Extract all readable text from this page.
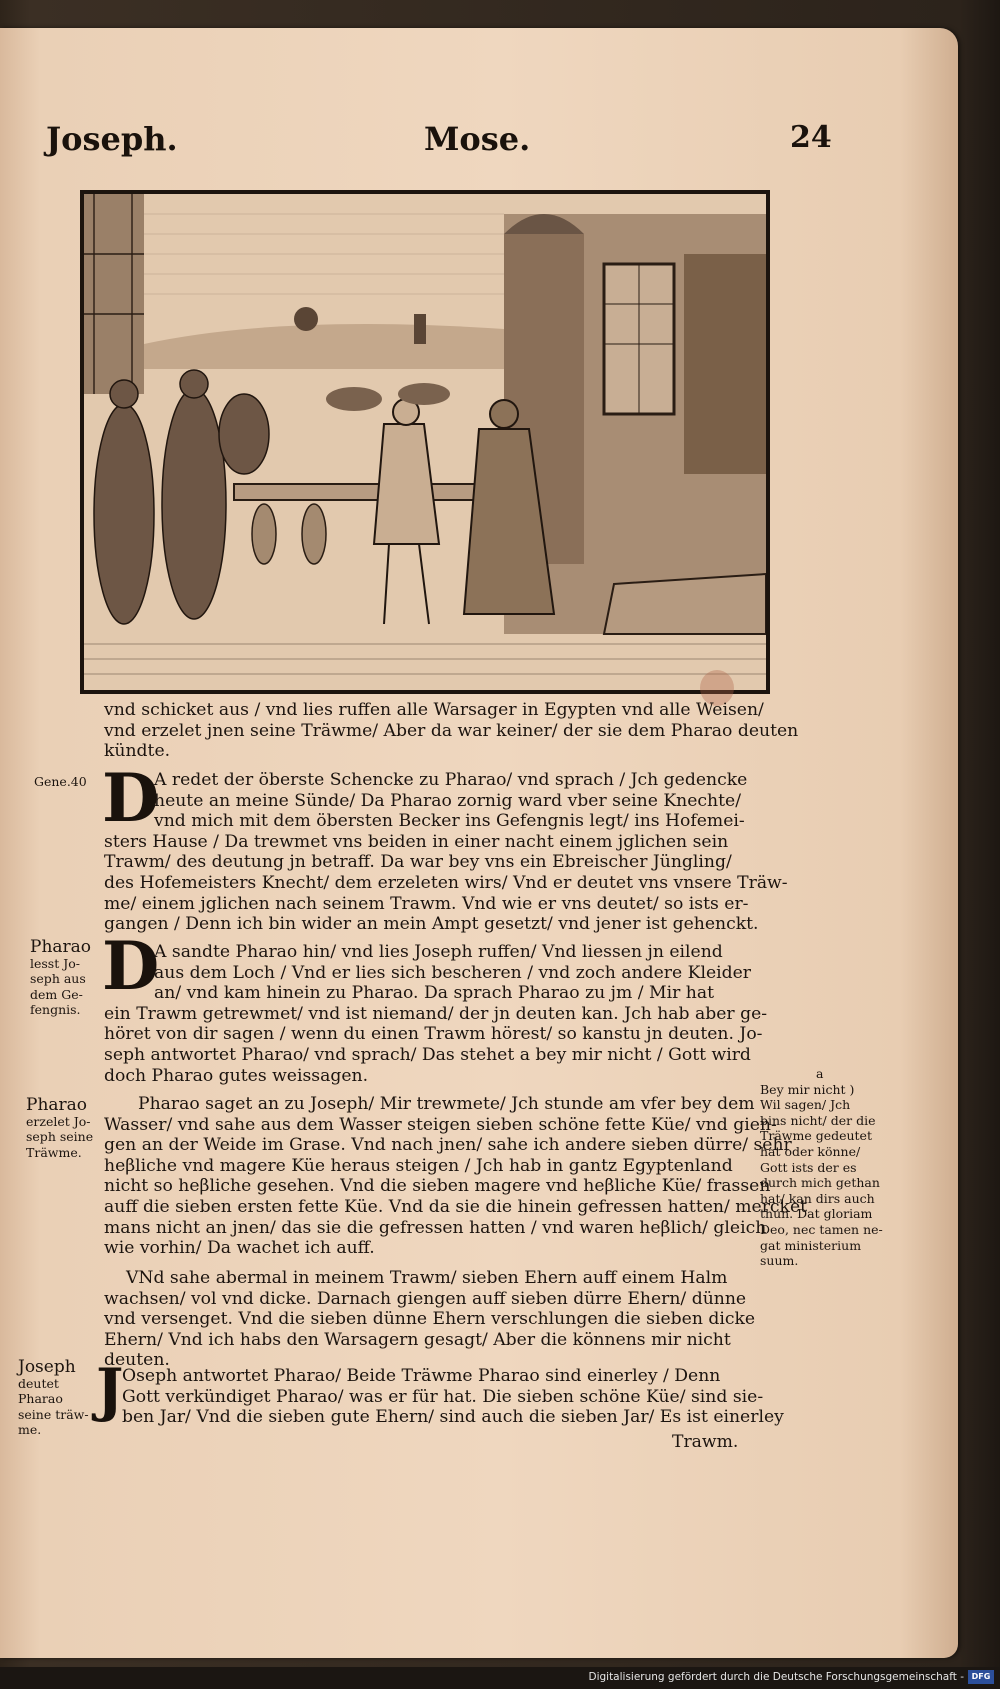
Joseph.	Mose.	24
vnd schicket aus / vnd lies ruffen alle Warsager in Egypten vnd alle Weisen/
vnd erzelet jnen seine Trӓwme/ Aber da war keiner/ der sie dem Pharao deuten
kündte.
Gene.40 D
A redet der öberste Schencke zu Pharao/ vnd sprach / Jch gedencke
heute an meine Sünde/ Da Pharao zornig ward vber seine Knechte/
vnd mich mit dem öbersten Becker ins Gefengnis legt/ ins Hofemei-
sters Hause / Da trewmet vns beiden in einer nacht einem jglichen sein
Trawm/ des deutung jn betraff. Da war bey vns ein Ebreischer Jüngling/
des Hofemeisters Knecht/ dem erzeleten wirs/ Vnd er deutet vns vnsere Trӓw-
me/ einem jglichen nach seinem Trawm. Vnd wie er vns deutet/ so ists er-
gangen / Denn ich bin wider an mein Ampt gesetzt/ vnd jener ist gehenckt.
Pharao
lesst Jo-
seph aus
dem Ge-
fengnis.
D
A sandte Pharao hin/ vnd lies Joseph ruffen/ Vnd liessen jn eilend
aus dem Loch / Vnd er lies sich bescheren / vnd zoch andere Kleider
an/ vnd kam hinein zu Pharao. Da sprach Pharao zu jm / Mir hat
ein Trawm getrewmet/ vnd ist niemand/ der jn deuten kan. Jch hab aber ge-
höret von dir sagen / wenn du einen Trawm hörest/ so kanstu jn deuten. Jo-
seph antwortet Pharao/ vnd sprach/ Das stehet a bey mir nicht / Gott wird
doch Pharao gutes weissagen.
Pharao
erzelet Jo-
seph seine
Trӓwme.
Pharao saget an zu Joseph/ Mir trewmete/ Jch stunde am vfer bey dem
Wasser/ vnd sahe aus dem Wasser steigen sieben schöne fette Küe/ vnd gien-
gen an der Weide im Grase. Vnd nach jnen/ sahe ich andere sieben dürre/ sehr
heβliche vnd magere Küe heraus steigen / Jch hab in gantz Egyptenland
nicht so heβliche gesehen. Vnd die sieben magere vnd heβliche Küe/ frassen
auff die sieben ersten fette Küe. Vnd da sie die hinein gefressen hatten/ mercket
mans nicht an jnen/ das sie die gefressen hatten / vnd waren heβlich/ gleich
wie vorhin/ Da wachet ich auff.
VNd sahe abermal in meinem Trawm/ sieben Ehern auff einem Halm
wachsen/ vol vnd dicke. Darnach giengen auff sieben dürre Ehern/ dünne
vnd versenget. Vnd die sieben dünne Ehern verschlungen die sieben dicke
Ehern/ Vnd ich habs den Warsagern gesagt/ Aber die könnens mir nicht
deuten.
Joseph
deutet
Pharao
seine trӓw-
me.
J
Oseph antwortet Pharao/ Beide Trӓwme Pharao sind einerley / Denn
Gott verkündiget Pharao/ was er für hat. Die sieben schöne Küe/ sind sie-
ben Jar/ Vnd die sieben gute Ehern/ sind auch die sieben Jar/ Es ist einerley
Trawm.
a
Bey mir nicht )
Wil sagen/ Jch
bins nicht/ der die
Trӓwme gedeutet
hat oder könne/
Gott ists der es
durch mich gethan
hat/ kan dirs auch
thun. Dat gloriam
Deo, nec tamen ne-
gat ministerium
suum.
Digitalisierung gefördert durch die Deutsche Forschungsgemeinschaft - DFG
